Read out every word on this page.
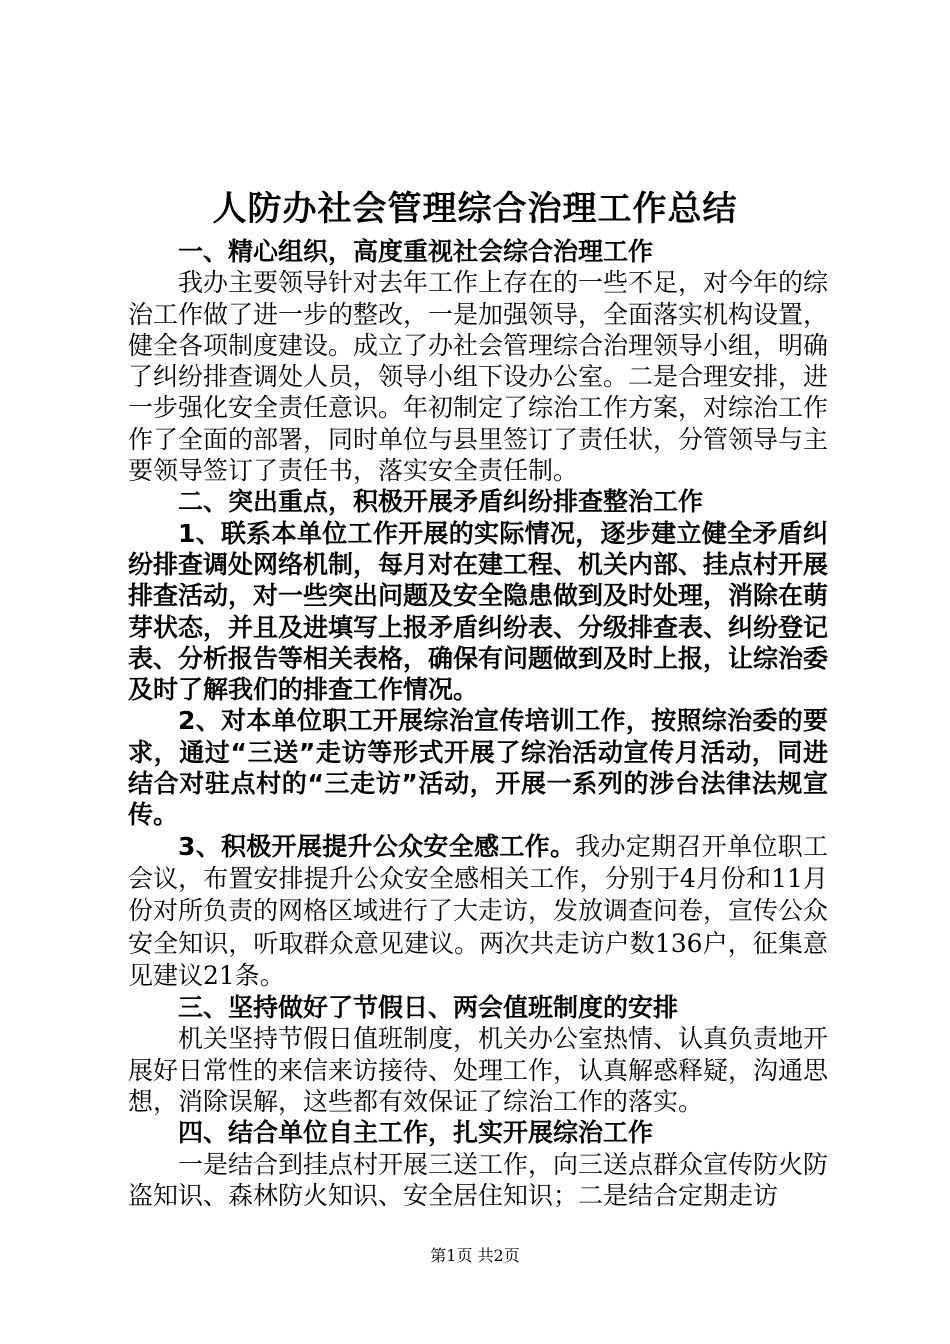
人防办社会管理综合治理工作总结

一、精心组织，高度重视社会综合治理工作

我办主要领导针对去年工作上存在的一些不足，对今年的综治工作做了进一步的整改，一是加强领导，全面落实机构设置，健全各项制度建设。成立了办社会管理综合治理领导小组，明确了纠纷排查调处人员，领导小组下设办公室。二是合理安排，进一步强化安全责任意识。年初制定了综治工作方案，对综治工作作了全面的部署，同时单位与县里签订了责任状，分管领导与主要领导签订了责任书，落实安全责任制。

二、突出重点，积极开展矛盾纠纷排查整治工作

1、联系本单位工作开展的实际情况，逐步建立健全矛盾纠纷排查调处网络机制，每月对在建工程、机关内部、挂点村开展排查活动，对一些突出问题及安全隐患做到及时处理，消除在萌芽状态，并且及进填写上报矛盾纠纷表、分级排查表、纠纷登记表、分析报告等相关表格，确保有问题做到及时上报，让综治委及时了解我们的排查工作情况。

2、对本单位职工开展综治宣传培训工作，按照综治委的要求，通过“三送”走访等形式开展了综治活动宣传月活动，同进结合对驻点村的“三走访”活动，开展一系列的涉台法律法规宣传。

3、积极开展提升公众安全感工作。我办定期召开单位职工会议，布置安排提升公众安全感相关工作，分别于4月份和11月份对所负责的网格区域进行了大走访，发放调查问卷，宣传公众安全知识，听取群众意见建议。两次共走访户数136户，征集意见建议21条。

三、坚持做好了节假日、两会值班制度的安排

机关坚持节假日值班制度，机关办公室热情、认真负责地开展好日常性的来信来访接待、处理工作，认真解惑释疑，沟通思想，消除误解，这些都有效保证了综治工作的落实。

四、结合单位自主工作，扎实开展综治工作

一是结合到挂点村开展三送工作，向三送点群众宣传防火防盗知识、森林防火知识、安全居住知识；二是结合定期走访

第1页 共2页
